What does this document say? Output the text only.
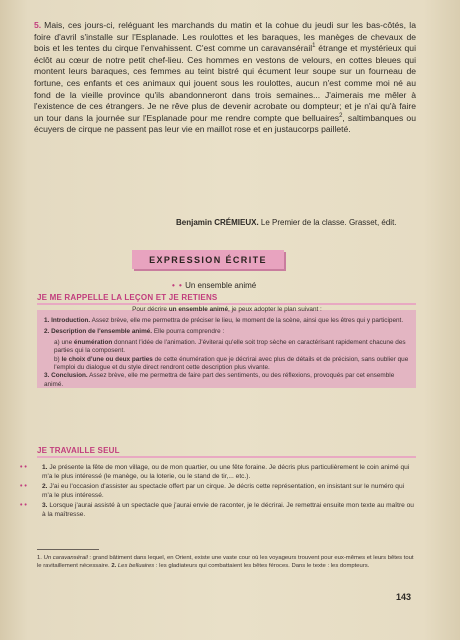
5. Mais, ces jours-ci, reléguant les marchands du matin et la cohue du jeudi sur les bas-côtés, la foire d'avril s'installe sur l'Esplanade. Les roulottes et les baraques, les manèges de chevaux de bois et les tentes du cirque l'envahissent. C'est comme un caravansérail$^1$ étrange et mystérieux qui éclôt au cœur de notre petit chef-lieu. Ces hommes en vestons de velours, en cottes bleues qui montent leurs baraques, ces femmes au teint bistré qui écument leur soupe sur un fourneau de fortune, ces enfants et ces animaux qui jouent sous les roulottes, aucun n'est comme moi né au fond de la vieille province qu'ils abandonneront dans trois semaines... J'aimerais me mêler à l'existence de ces étrangers. Je ne rêve plus de devenir acrobate ou dompteur; et je n'ai qu'à faire un tour dans la journée sur l'Esplanade pour me rendre compte que belluaires$^2$, saltimbanques ou écuyers de cirque ne passent pas leur vie en maillot rose et en justaucorps pailleté.
Benjamin CRÉMIEUX. Le Premier de la classe. Grasset, édit.
EXPRESSION ÉCRITE
• • Un ensemble animé
JE ME RAPPELLE LA LEÇON ET JE RETIENS

Pour décrire un ensemble animé, je peux adopter le plan suivant :

1. Introduction. Assez brève, elle me permettra de préciser le lieu, le moment de la scène, ainsi que les êtres qui y participent.

2. Description de l'ensemble animé. Elle pourra comprendre :

a) une énumération donnant l'idée de l'animation. J'éviterai qu'elle soit trop sèche en caractérisant rapidement chacune des parties qui la composent.

b) le choix d'une ou deux parties de cette énumération que je décrirai avec plus de détails et de précision, sans oublier que l'emploi du dialogue et du style direct rendront cette description plus vivante.

3. Conclusion. Assez brève, elle me permettra de faire part des sentiments, ou des réflexions, provoqués par cet ensemble animé.

JE TRAVAILLE SEUL
• • 1. Je présente la fête de mon village, ou de mon quartier, ou une fête foraine. Je décris plus particulièrement le coin animé qui m'a le plus intéressé (le manège, ou la loterie, ou le stand de tir,... etc.).
• • 2. J'ai eu l'occasion d'assister au spectacle offert par un cirque. Je décris cette représentation, en insistant sur le numéro qui m'a le plus intéressé.
• • 3. Lorsque j'aurai assisté à un spectacle que j'aurai envie de raconter, je le décrirai. Je remettrai ensuite mon texte au maître ou à la maîtresse.
1. Un caravansérail : grand bâtiment dans lequel, en Orient, existe une vaste cour où les voyageurs trouvent pour eux-mêmes et leurs bêtes tout le ravitaillement nécessaire. 2. Les belluaires : les gladiateurs qui combattaient les bêtes féroces. Dans le texte : les dompteurs.
143
